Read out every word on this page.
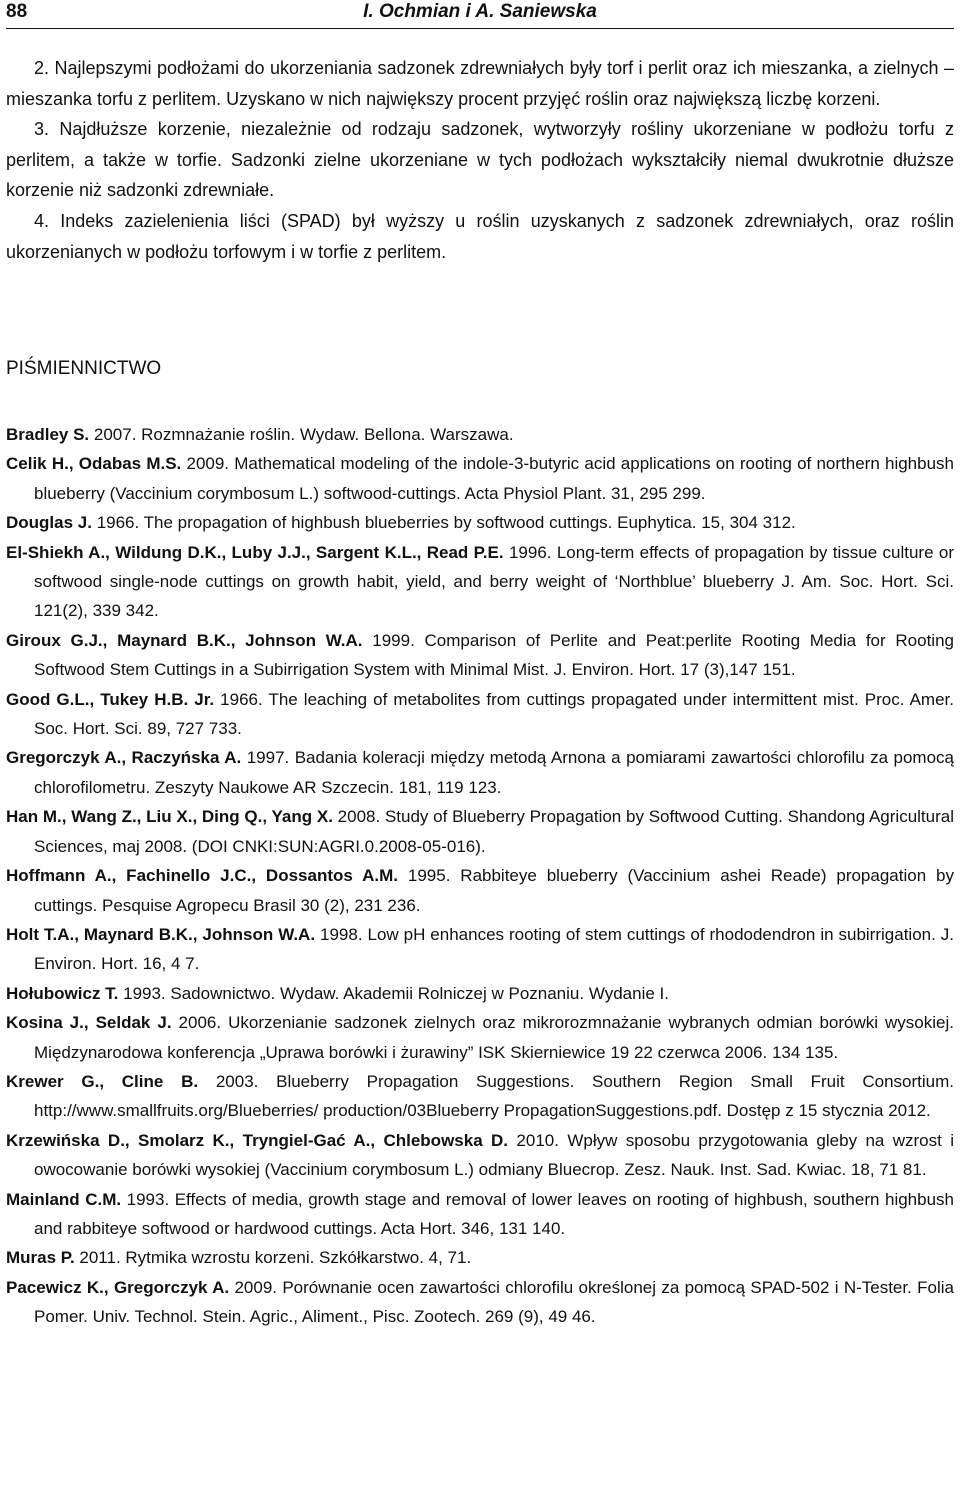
88	I. Ochmian i A. Saniewska

2. Najlepszymi podłożami do ukorzeniania sadzonek zdrewniałych były torf i perlit oraz ich mieszanka, a zielnych – mieszanka torfu z perlitem. Uzyskano w nich największy procent przyjęć roślin oraz największą liczbę korzeni.

3. Najdłuższe korzenie, niezależnie od rodzaju sadzonek, wytworzyły rośliny ukorzeniane w podłożu torfu z perlitem, a także w torfie. Sadzonki zielne ukorzeniane w tych podłożach wykształciły niemal dwukrotnie dłuższe korzenie niż sadzonki zdrewniałe.

4. Indeks zazielenienia liści (SPAD) był wyższy u roślin uzyskanych z sadzonek zdrewniałych, oraz roślin ukorzenianych w podłożu torfowym i w torfie z perlitem.

PIŚMIENNICTWO

Bradley S. 2007. Rozmnażanie roślin. Wydaw. Bellona. Warszawa.

Celik H., Odabas M.S. 2009. Mathematical modeling of the indole-3-butyric acid applications on rooting of northern highbush blueberry (Vaccinium corymbosum L.) softwood-cuttings. Acta Physiol Plant. 31, 295 299.

Douglas J. 1966. The propagation of highbush blueberries by softwood cuttings. Euphytica. 15, 304 312.

El-Shiekh A., Wildung D.K., Luby J.J., Sargent K.L., Read P.E. 1996. Long-term effects of propagation by tissue culture or softwood single-node cuttings on growth habit, yield, and berry weight of ‘Northblue’ blueberry J. Am. Soc. Hort. Sci. 121(2), 339 342.

Giroux G.J., Maynard B.K., Johnson W.A. 1999. Comparison of Perlite and Peat:perlite Rooting Media for Rooting Softwood Stem Cuttings in a Subirrigation System with Minimal Mist. J. Environ. Hort. 17 (3),147 151.

Good G.L., Tukey H.B. Jr. 1966. The leaching of metabolites from cuttings propagated under intermittent mist. Proc. Amer. Soc. Hort. Sci. 89, 727 733.

Gregorczyk A., Raczyńska A. 1997. Badania koleracji między metodą Arnona a pomiarami zawartości chlorofilu za pomocą chlorofilometru. Zeszyty Naukowe AR Szczecin. 181, 119 123.

Han M., Wang Z., Liu X., Ding Q., Yang X. 2008. Study of Blueberry Propagation by Softwood Cutting. Shandong Agricultural Sciences, maj 2008. (DOI CNKI:SUN:AGRI.0.2008-05-016).

Hoffmann A., Fachinello J.C., Dossantos A.M. 1995. Rabbiteye blueberry (Vaccinium ashei Reade) propagation by cuttings. Pesquise Agropecu Brasil 30 (2), 231 236.

Holt T.A., Maynard B.K., Johnson W.A. 1998. Low pH enhances rooting of stem cuttings of rhododendron in subirrigation. J. Environ. Hort. 16, 4 7.

Hołubowicz T. 1993. Sadownictwo. Wydaw. Akademii Rolniczej w Poznaniu. Wydanie I.

Kosina J., Seldak J. 2006. Ukorzenianie sadzonek zielnych oraz mikrorozmnażanie wybranych odmian borówki wysokiej. Międzynarodowa konferencja „Uprawa borówki i żurawiny” ISK Skierniewice 19 22 czerwca 2006. 134 135.

Krewer G., Cline B. 2003. Blueberry Propagation Suggestions. Southern Region Small Fruit Consortium. http://www.smallfruits.org/Blueberries/ production/03Blueberry PropagationSuggestions.pdf. Dostęp z 15 stycznia 2012.

Krzewińska D., Smolarz K., Tryngiel-Gać A., Chlebowska D. 2010. Wpływ sposobu przygotowania gleby na wzrost i owocowanie borówki wysokiej (Vaccinium corymbosum L.) odmiany Bluecrop. Zesz. Nauk. Inst. Sad. Kwiac. 18, 71 81.

Mainland C.M. 1993. Effects of media, growth stage and removal of lower leaves on rooting of highbush, southern highbush and rabbiteye softwood or hardwood cuttings. Acta Hort. 346, 131 140.

Muras P. 2011. Rytmika wzrostu korzeni. Szkółkarstwo. 4, 71.

Pacewicz K., Gregorczyk A. 2009. Porównanie ocen zawartości chlorofilu określonej za pomocą SPAD-502 i N-Tester. Folia Pomer. Univ. Technol. Stein. Agric., Aliment., Pisc. Zootech. 269 (9), 49 46.
